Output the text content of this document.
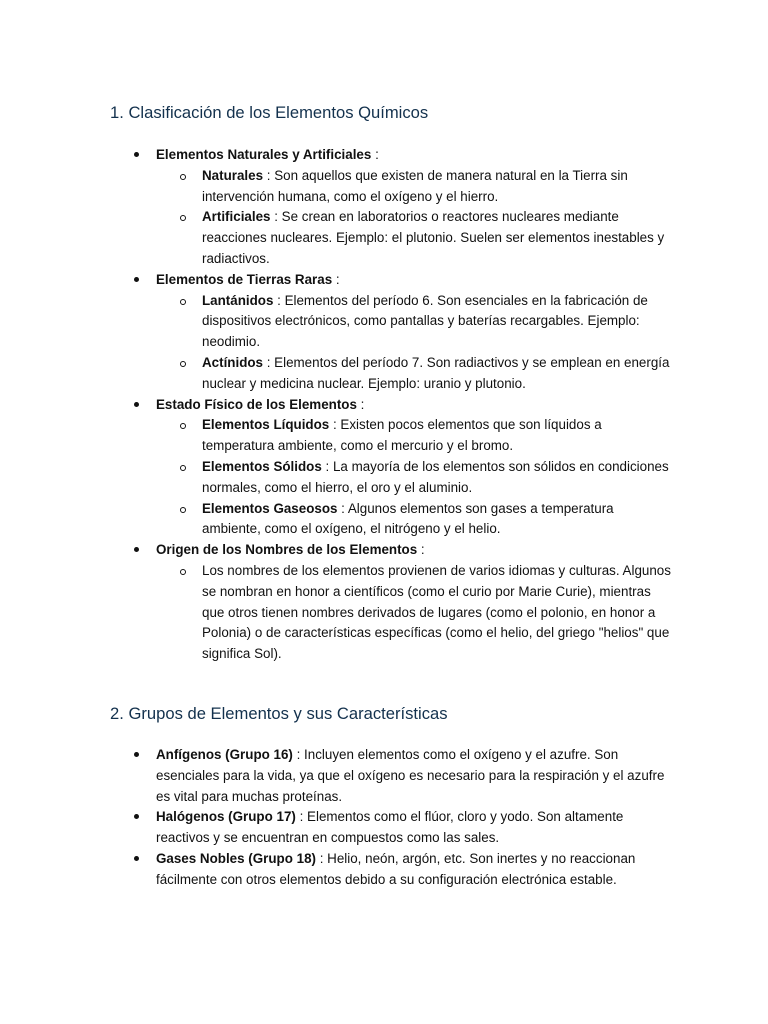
1. Clasificación de los Elementos Químicos
Elementos Naturales y Artificiales :
Naturales : Son aquellos que existen de manera natural en la Tierra sin intervención humana, como el oxígeno y el hierro.
Artificiales : Se crean en laboratorios o reactores nucleares mediante reacciones nucleares. Ejemplo: el plutonio. Suelen ser elementos inestables y radiactivos.
Elementos de Tierras Raras :
Lantánidos : Elementos del período 6. Son esenciales en la fabricación de dispositivos electrónicos, como pantallas y baterías recargables. Ejemplo: neodimio.
Actínidos : Elementos del período 7. Son radiactivos y se emplean en energía nuclear y medicina nuclear. Ejemplo: uranio y plutonio.
Estado Físico de los Elementos :
Elementos Líquidos : Existen pocos elementos que son líquidos a temperatura ambiente, como el mercurio y el bromo.
Elementos Sólidos : La mayoría de los elementos son sólidos en condiciones normales, como el hierro, el oro y el aluminio.
Elementos Gaseosos : Algunos elementos son gases a temperatura ambiente, como el oxígeno, el nitrógeno y el helio.
Origen de los Nombres de los Elementos :
Los nombres de los elementos provienen de varios idiomas y culturas. Algunos se nombran en honor a científicos (como el curio por Marie Curie), mientras que otros tienen nombres derivados de lugares (como el polonio, en honor a Polonia) o de características específicas (como el helio, del griego "helios" que significa Sol).
2. Grupos de Elementos y sus Características
Anfígenos (Grupo 16) : Incluyen elementos como el oxígeno y el azufre. Son esenciales para la vida, ya que el oxígeno es necesario para la respiración y el azufre es vital para muchas proteínas.
Halógenos (Grupo 17) : Elementos como el flúor, cloro y yodo. Son altamente reactivos y se encuentran en compuestos como las sales.
Gases Nobles (Grupo 18) : Helio, neón, argón, etc. Son inertes y no reaccionan fácilmente con otros elementos debido a su configuración electrónica estable.
